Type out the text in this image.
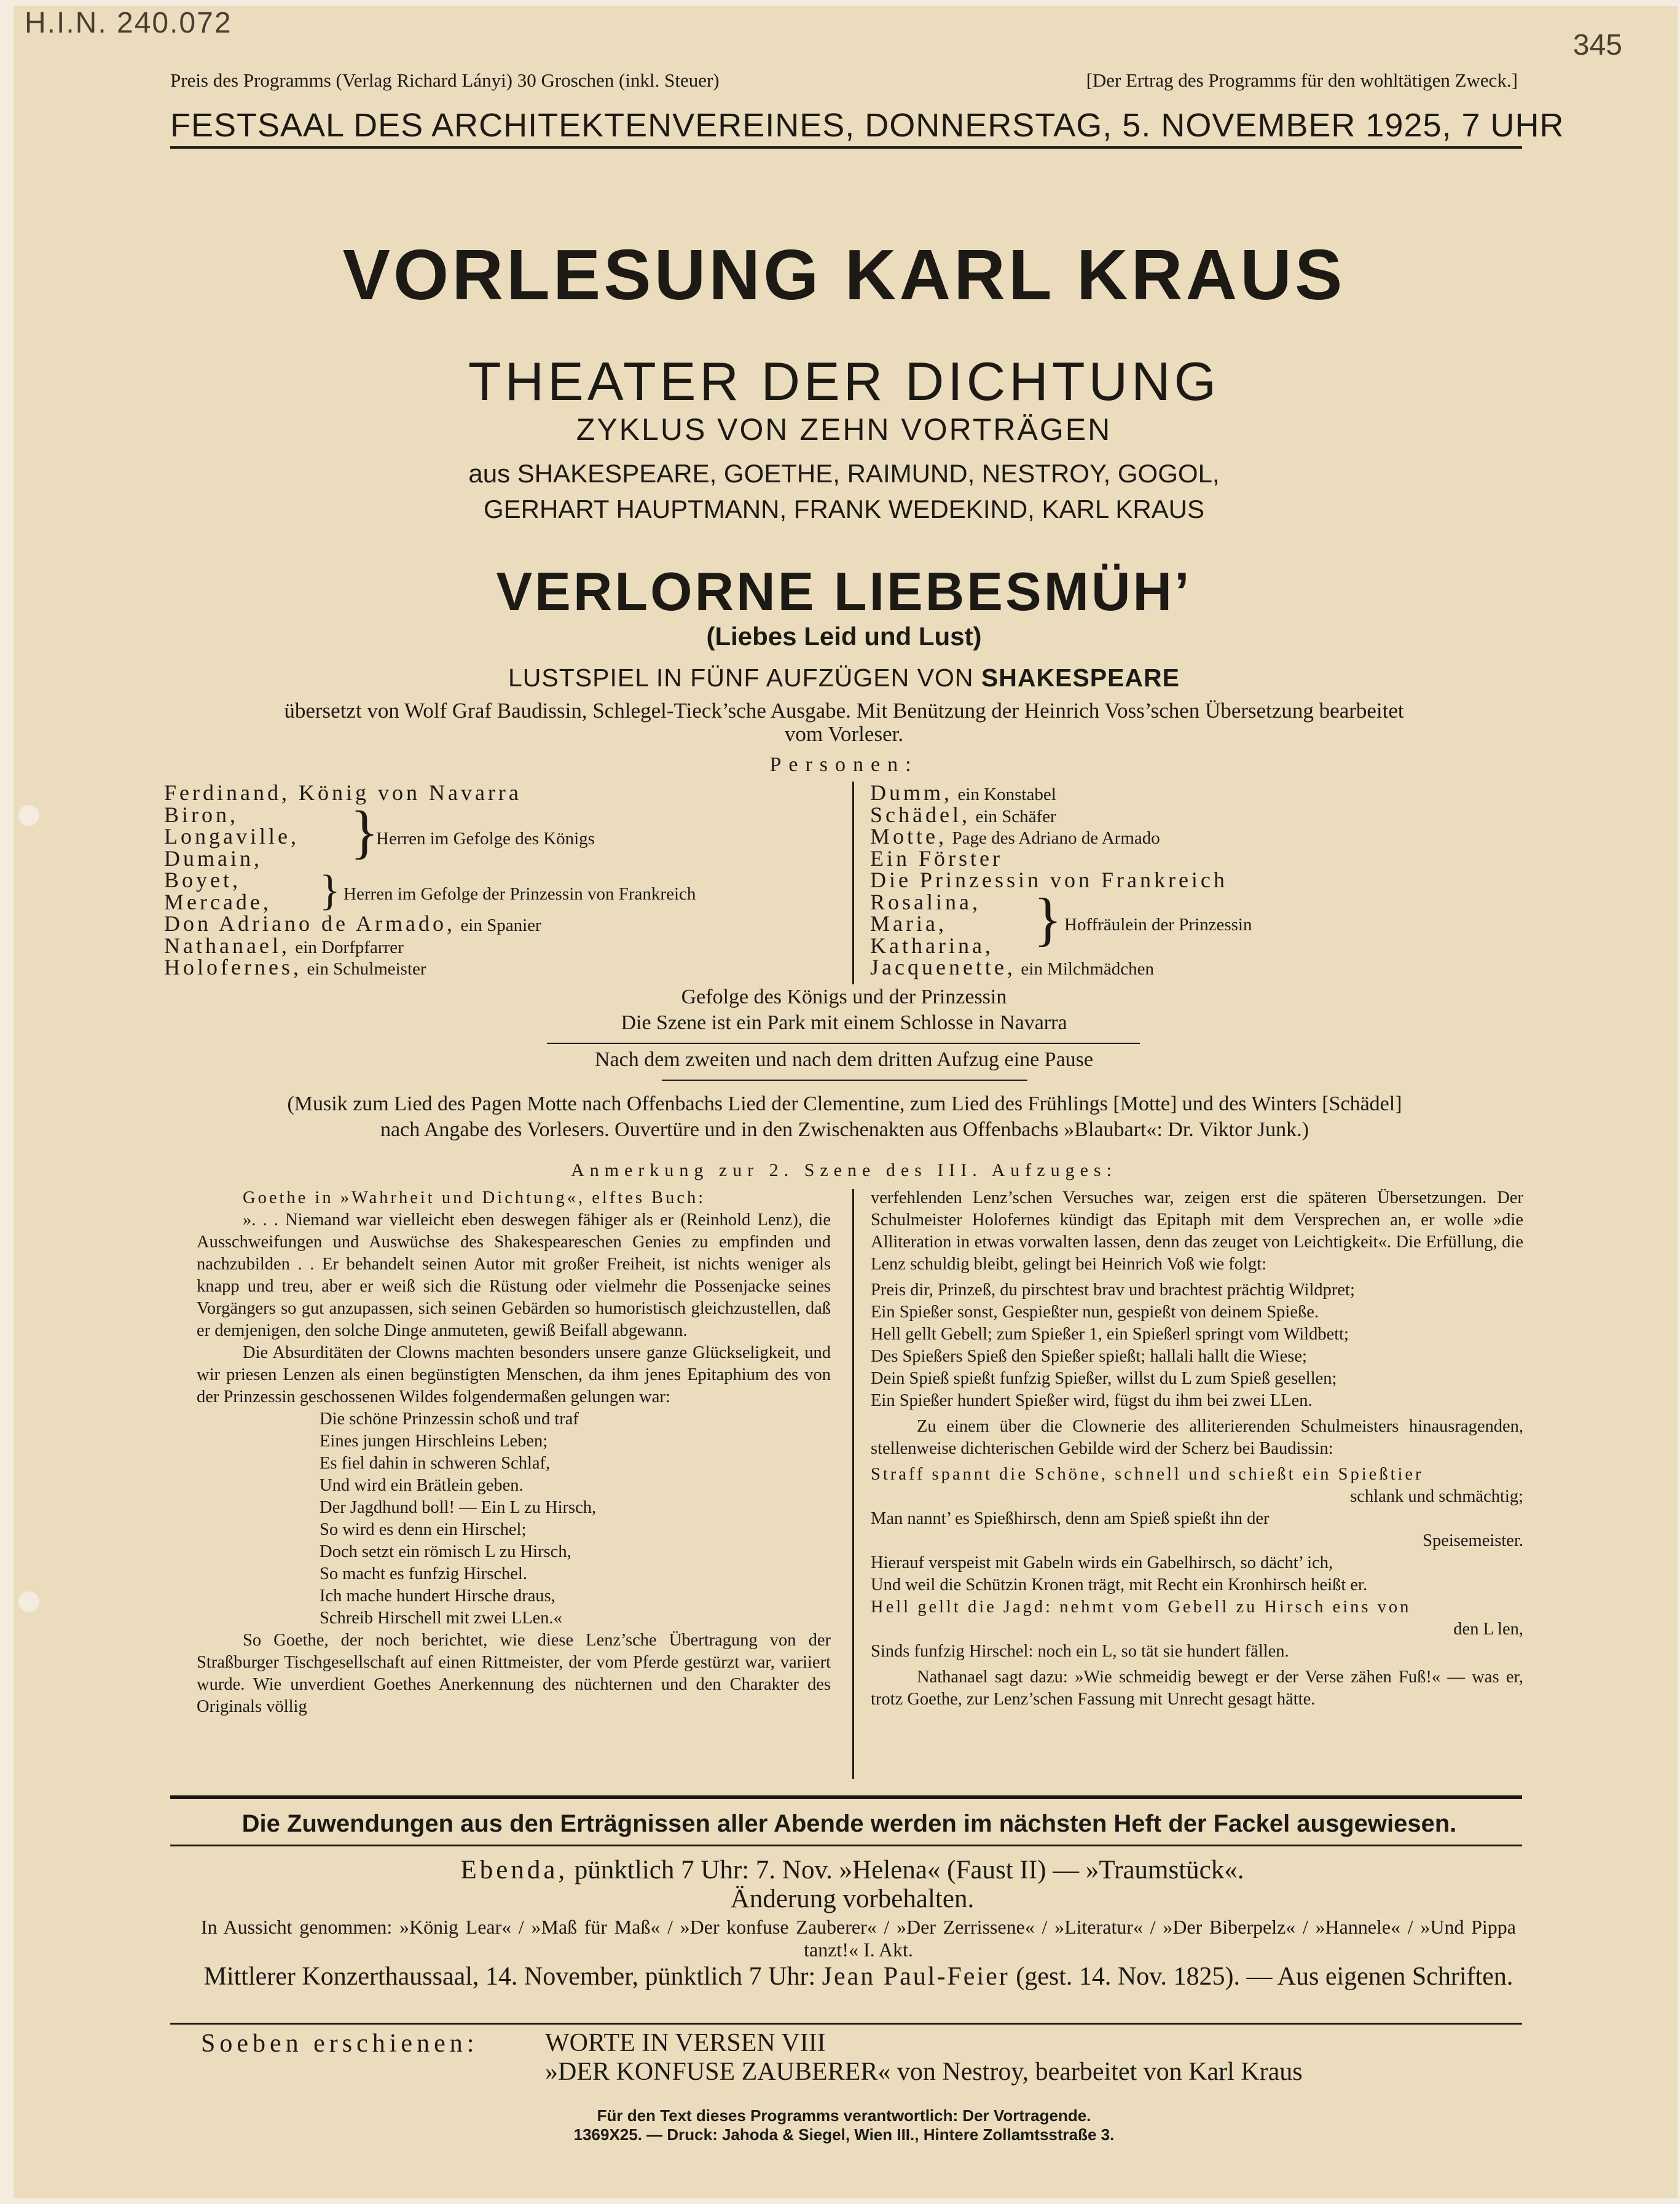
H.I.N. 240.072
345
Preis des Programms (Verlag Richard Lányi) 30 Groschen (inkl. Steuer)	[Der Ertrag des Programms für den wohltätigen Zweck.]
FESTSAAL DES ARCHITEKTENVEREINES, DONNERSTAG, 5. NOVEMBER 1925, 7 UHR
VORLESUNG KARL KRAUS
THEATER DER DICHTUNG
ZYKLUS VON ZEHN VORTRÄGEN
aus SHAKESPEARE, GOETHE, RAIMUND, NESTROY, GOGOL,
GERHART HAUPTMANN, FRANK WEDEKIND, KARL KRAUS
VERLORNE LIEBESMÜH’
(Liebes Leid und Lust)
LUSTSPIEL IN FÜNF AUFZÜGEN VON SHAKESPEARE
übersetzt von Wolf Graf Baudissin, Schlegel-Tieck’sche Ausgabe. Mit Benützung der Heinrich Voss’schen Übersetzung bearbeitet
vom Vorleser.
Personen:
Ferdinand, König von Navarra
Biron,
Longaville,
Dumain,
Boyet,
Mercade,
Don Adriano de Armado, ein Spanier
Nathanael, ein Dorfpfarrer
Holofernes, ein Schulmeister
}
Herren im Gefolge des Königs
} Herren im Gefolge der Prinzessin von Frankreich
Dumm, ein Konstabel
Schädel, ein Schäfer
Motte, Page des Adriano de Armado
Ein Förster
Die Prinzessin von Frankreich
Rosalina,
Maria,
Katharina,
Jacquenette, ein Milchmädchen
} Hoffräulein der Prinzessin
Gefolge des Königs und der Prinzessin
Die Szene ist ein Park mit einem Schlosse in Navarra
Nach dem zweiten und nach dem dritten Aufzug eine Pause
(Musik zum Lied des Pagen Motte nach Offenbachs Lied der Clementine, zum Lied des Frühlings [Motte] und des Winters [Schädel]
nach Angabe des Vorlesers. Ouvertüre und in den Zwischenakten aus Offenbachs »Blaubart«: Dr. Viktor Junk.)
Anmerkung zur 2. Szene des III. Aufzuges:

Goethe in »Wahrheit und Dichtung«, elftes Buch:

». . . Niemand war vielleicht eben deswegen fähiger als er (Reinhold Lenz), die Ausschweifungen und Auswüchse des Shakespeareschen Genies zu empfinden und nachzubilden . . Er behandelt seinen Autor mit großer Freiheit, ist nichts weniger als knapp und treu, aber er weiß sich die Rüstung oder vielmehr die Possenjacke seines Vorgängers so gut anzupassen, sich seinen Gebärden so humoristisch gleichzustellen, daß er demjenigen, den solche Dinge anmuteten, gewiß Beifall abgewann.

Die Absurditäten der Clowns machten besonders unsere ganze Glückseligkeit, und wir priesen Lenzen als einen begünstigten Menschen, da ihm jenes Epitaphium des von der Prinzessin geschossenen Wildes folgendermaßen gelungen war:

Die schöne Prinzessin schoß und traf
Eines jungen Hirschleins Leben;
Es fiel dahin in schweren Schlaf,
Und wird ein Brätlein geben.
Der Jagdhund boll! — Ein L zu Hirsch,
So wird es denn ein Hirschel;
Doch setzt ein römisch L zu Hirsch,
So macht es funfzig Hirschel.
Ich mache hundert Hirsche draus,
Schreib Hirschell mit zwei LLen.«

So Goethe, der noch berichtet, wie diese Lenz’sche Übertragung von der Straßburger Tischgesellschaft auf einen Rittmeister, der vom Pferde gestürzt war, variiert wurde. Wie unverdient Goethes Anerkennung des nüchternen und den Charakter des Originals völlig

verfehlenden Lenz’schen Versuches war, zeigen erst die späteren Übersetzungen. Der Schulmeister Holofernes kündigt das Epitaph mit dem Versprechen an, er wolle »die Alliteration in etwas vorwalten lassen, denn das zeuget von Leichtigkeit«. Die Erfüllung, die Lenz schuldig bleibt, gelingt bei Heinrich Voß wie folgt:

Preis dir, Prinzeß, du pirschtest brav und brachtest prächtig Wildpret;
Ein Spießer sonst, Gespießter nun, gespießt von deinem Spieße.
Hell gellt Gebell; zum Spießer 1, ein Spießerl springt vom Wildbett;
Des Spießers Spieß den Spießer spießt; hallali hallt die Wiese;
Dein Spieß spießt funfzig Spießer, willst du L zum Spieß gesellen;
Ein Spießer hundert Spießer wird, fügst du ihm bei zwei LLen.

Zu einem über die Clownerie des alliterierenden Schulmeisters hinausragenden, stellenweise dichterischen Gebilde wird der Scherz bei Baudissin:

Straff spannt die Schöne, schnell und schießt ein Spießtier
schlank und schmächtig;
Man nannt’ es Spießhirsch, denn am Spieß spießt ihn der
Speisemeister.
Hierauf verspeist mit Gabeln wirds ein Gabelhirsch, so dächt’ ich,
Und weil die Schützin Kronen trägt, mit Recht ein Kronhirsch heißt er.
Hell gellt die Jagd: nehmt vom Gebell zu Hirsch eins von
den L len,
Sinds funfzig Hirschel: noch ein L, so tät sie hundert fällen.

Nathanael sagt dazu: »Wie schmeidig bewegt er der Verse zähen Fuß!« — was er, trotz Goethe, zur Lenz’schen Fassung mit Unrecht gesagt hätte.

Die Zuwendungen aus den Erträgnissen aller Abende werden im nächsten Heft der Fackel ausgewiesen.
Ebenda, pünktlich 7 Uhr: 7. Nov. »Helena« (Faust II) — »Traumstück«.
Änderung vorbehalten.
In Aussicht genommen: »König Lear« / »Maß für Maß« / »Der konfuse Zauberer« / »Der Zerrissene« / »Literatur« / »Der Biberpelz« / »Hannele« / »Und Pippa tanzt!« I. Akt.
Mittlerer Konzerthaussaal, 14. November, pünktlich 7 Uhr: Jean Paul-Feier (gest. 14. Nov. 1825). — Aus eigenen Schriften.
Soeben erschienen:	WORTE IN VERSEN VIII
»DER KONFUSE ZAUBERER« von Nestroy, bearbeitet von Karl Kraus
Für den Text dieses Programms verantwortlich: Der Vortragende.
1369X25. — Druck: Jahoda & Siegel, Wien III., Hintere Zollamtsstraße 3.
